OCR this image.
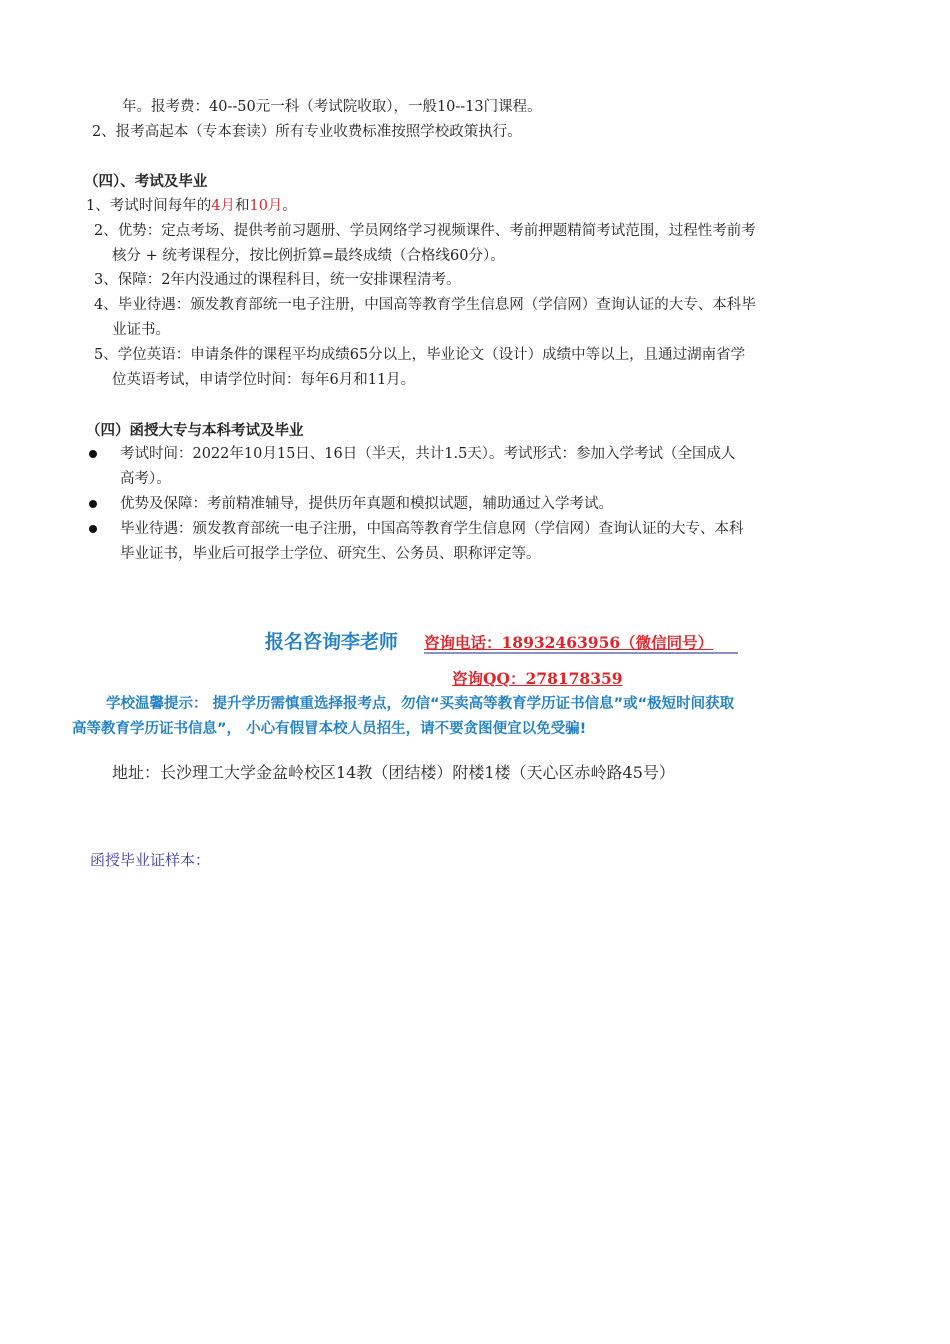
年。报考费：40--50元一科（考试院收取），一般10--13门课程。
2、报考高起本（专本套读）所有专业收费标准按照学校政策执行。
（四）、考试及毕业
1、考试时间每年的4月和10月。
2、优势：定点考场、提供考前习题册、学员网络学习视频课件、考前押题精简考试范围，过程性考前考
核分 + 统考课程分，按比例折算=最终成绩（合格线60分）。
3、保障：2年内没通过的课程科目，统一安排课程清考。
4、毕业待遇：颁发教育部统一电子注册，中国高等教育学生信息网（学信网）查询认证的大专、本科毕
业证书。
5、学位英语：申请条件的课程平均成绩65分以上，毕业论文（设计）成绩中等以上，且通过湖南省学
位英语考试，申请学位时间：每年6月和11月。
（四）函授大专与本科考试及毕业
考试时间：2022年10月15日、16日（半天，共计1.5天）。考试形式：参加入学考试（全国成人
高考）。
优势及保障：考前精准辅导，提供历年真题和模拟试题，辅助通过入学考试。
毕业待遇：颁发教育部统一电子注册，中国高等教育学生信息网（学信网）查询认证的大专、本科
毕业证书，毕业后可报学士学位、研究生、公务员、职称评定等。
报名咨询李老师 咨询电话：18932463956（微信同号）
咨询QQ：278178359
学校温馨提示： 提升学历需慎重选择报考点，勿信“买卖高等教育学历证书信息”或“极短时间获取
高等教育学历证书信息”， 小心有假冒本校人员招生，请不要贪图便宜以免受骗!
地址：长沙理工大学金盆岭校区14教（团结楼）附楼1楼（天心区赤岭路45号）
函授毕业证样本：
